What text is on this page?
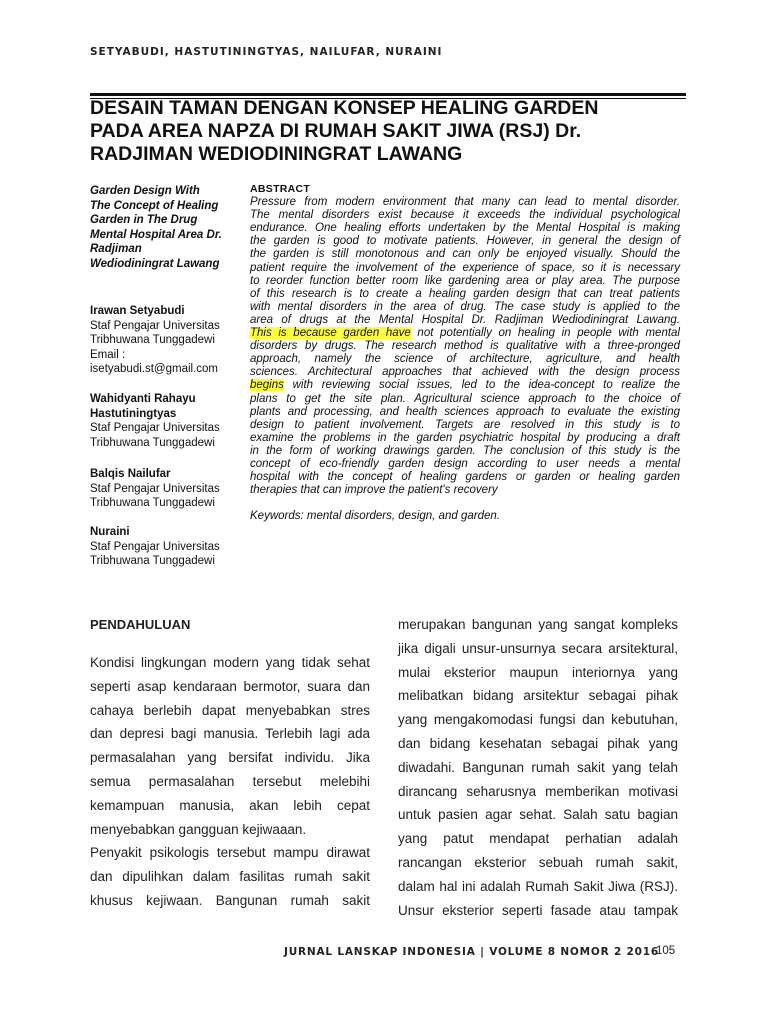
SETYABUDI, HASTUTININGTYAS, NAILUFAR, NURAINI
DESAIN TAMAN DENGAN KONSEP HEALING GARDEN
PADA AREA NAPZA DI RUMAH SAKIT JIWA (RSJ) Dr.
RADJIMAN WEDIODININGRAT LAWANG
Garden Design With
The Concept of Healing
Garden in The Drug
Mental Hospital Area Dr.
Radjiman
Wediodiningrat Lawang
Irawan Setyabudi
Staf Pengajar Universitas
Tribhuwana Tunggadewi
Email :
isetyabudi.st@gmail.com
Wahidyanti Rahayu
Hastutiningtyas
Staf Pengajar Universitas
Tribhuwana Tunggadewi
Balqis Nailufar
Staf Pengajar Universitas
Tribhuwana Tunggadewi
Nuraini
Staf Pengajar Universitas
Tribhuwana Tunggadewi
ABSTRACT
Pressure from modern environment that many can lead to mental disorder.
The mental disorders exist because it exceeds the individual psychological
endurance. One healing efforts undertaken by the Mental Hospital is making
the garden is good to motivate patients. However, in general the design of
the garden is still monotonous and can only be enjoyed visually. Should the
patient require the involvement of the experience of space, so it is necessary
to reorder function better room like gardening area or play area. The purpose
of this research is to create a healing garden design that can treat patients
with mental disorders in the area of drug. The case study is applied to the
area of drugs at the Mental Hospital Dr. Radjiman Wediodiningrat Lawang.
This is because garden have not potentially on healing in people with mental
disorders by drugs. The research method is qualitative with a three-pronged
approach, namely the science of architecture, agriculture, and health
sciences. Architectural approaches that achieved with the design process
begins with reviewing social issues, led to the idea-concept to realize the
plans to get the site plan. Agricultural science approach to the choice of
plants and processing, and health sciences approach to evaluate the existing
design to patient involvement. Targets are resolved in this study is to
examine the problems in the garden psychiatric hospital by producing a draft
in the form of working drawings garden. The conclusion of this study is the
concept of eco-friendly garden design according to user needs a mental
hospital with the concept of healing gardens or garden or healing garden
therapies that can improve the patient's recovery
Keywords: mental disorders, design, and garden.
PENDAHULUAN
Kondisi lingkungan modern yang tidak sehat
seperti asap kendaraan bermotor, suara dan
cahaya berlebih dapat menyebabkan stres
dan depresi bagi manusia. Terlebih lagi ada
permasalahan yang bersifat individu. Jika
semua permasalahan tersebut melebihi
kemampuan manusia, akan lebih cepat
menyebabkan gangguan kejiwaaan.
Penyakit psikologis tersebut mampu dirawat
dan dipulihkan dalam fasilitas rumah sakit
khusus kejiwaan. Bangunan rumah sakit
merupakan bangunan yang sangat kompleks
jika digali unsur-unsurnya secara arsitektural,
mulai eksterior maupun interiornya yang
melibatkan bidang arsitektur sebagai pihak
yang mengakomodasi fungsi dan kebutuhan,
dan bidang kesehatan sebagai pihak yang
diwadahi. Bangunan rumah sakit yang telah
dirancang seharusnya memberikan motivasi
untuk pasien agar sehat. Salah satu bagian
yang patut mendapat perhatian adalah
rancangan eksterior sebuah rumah sakit,
dalam hal ini adalah Rumah Sakit Jiwa (RSJ).
Unsur eksterior seperti fasade atau tampak
JURNAL LANSKAP INDONESIA | VOLUME 8 NOMOR 2 2016
105
